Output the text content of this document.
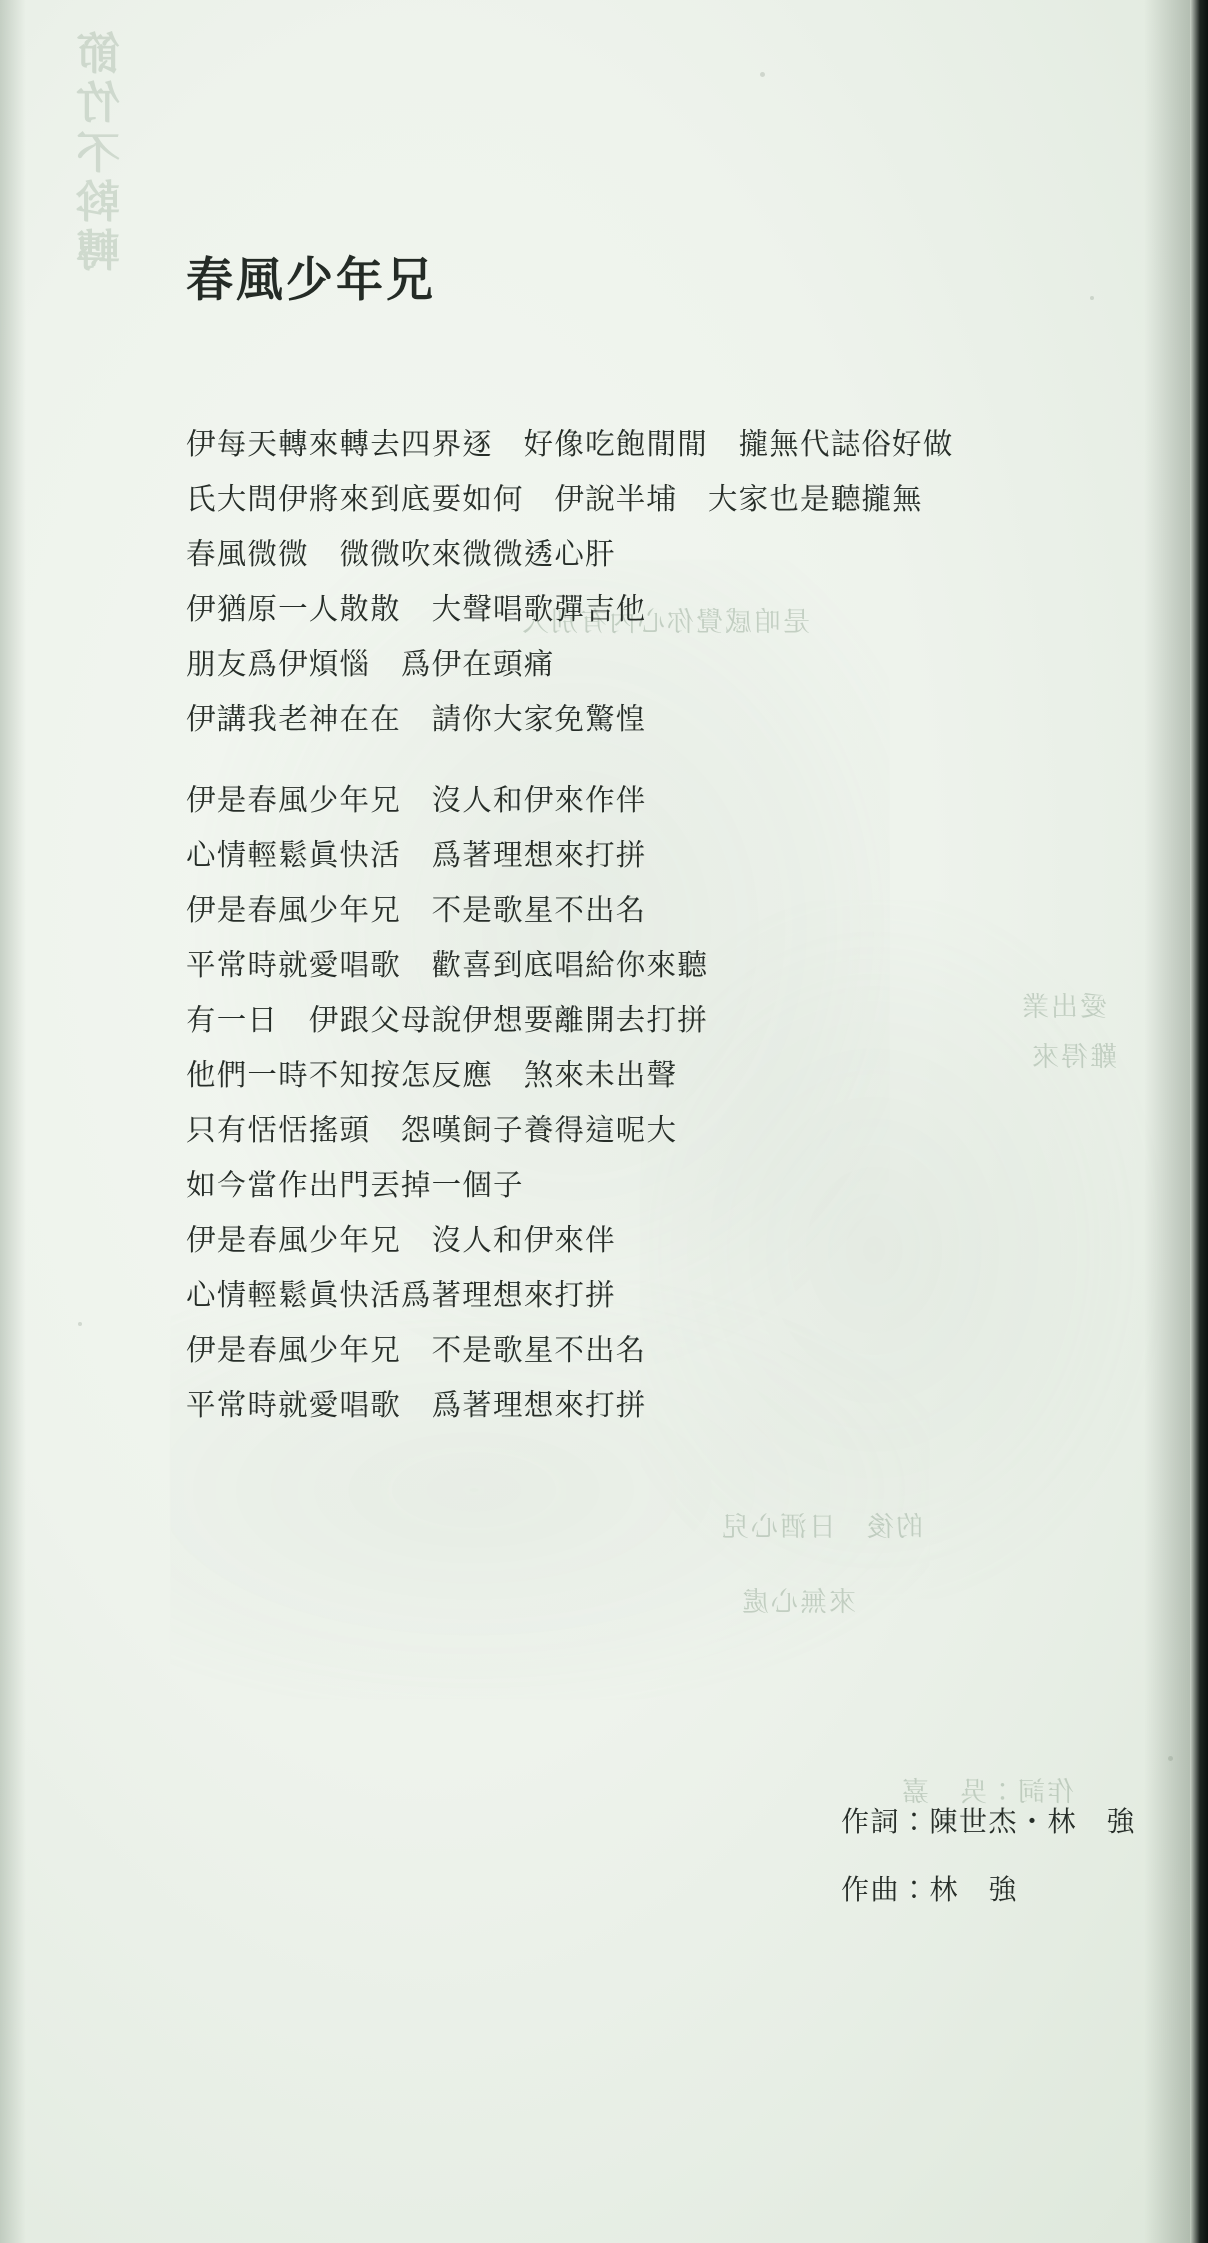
節竹不斡轉
是咱感覺你心內有別人
愛出業
難得來
的後　日酒心兒
來無心處
作詞：吳　嘉
春風少年兄
伊每天轉來轉去四界逐　好像吃飽閒閒　攏無代誌俗好做
氏大問伊將來到底要如何　伊說半埔　大家也是聽攏無
春風微微　微微吹來微微透心肝
伊猶原一人散散　大聲唱歌彈吉他
朋友爲伊煩惱　爲伊在頭痛
伊講我老神在在　請你大家免驚惶
伊是春風少年兄　沒人和伊來作伴
心情輕鬆眞快活　爲著理想來打拼
伊是春風少年兄　不是歌星不出名
平常時就愛唱歌　歡喜到底唱給你來聽
有一日　伊跟父母說伊想要離開去打拼
他們一時不知按怎反應　煞來未出聲
只有恬恬搖頭　怨嘆飼子養得這呢大
如今當作出門丟掉一個子
伊是春風少年兄　沒人和伊來伴
心情輕鬆眞快活爲著理想來打拼
伊是春風少年兄　不是歌星不出名
平常時就愛唱歌　爲著理想來打拼
作詞：陳世杰・林　強
作曲：林　強
